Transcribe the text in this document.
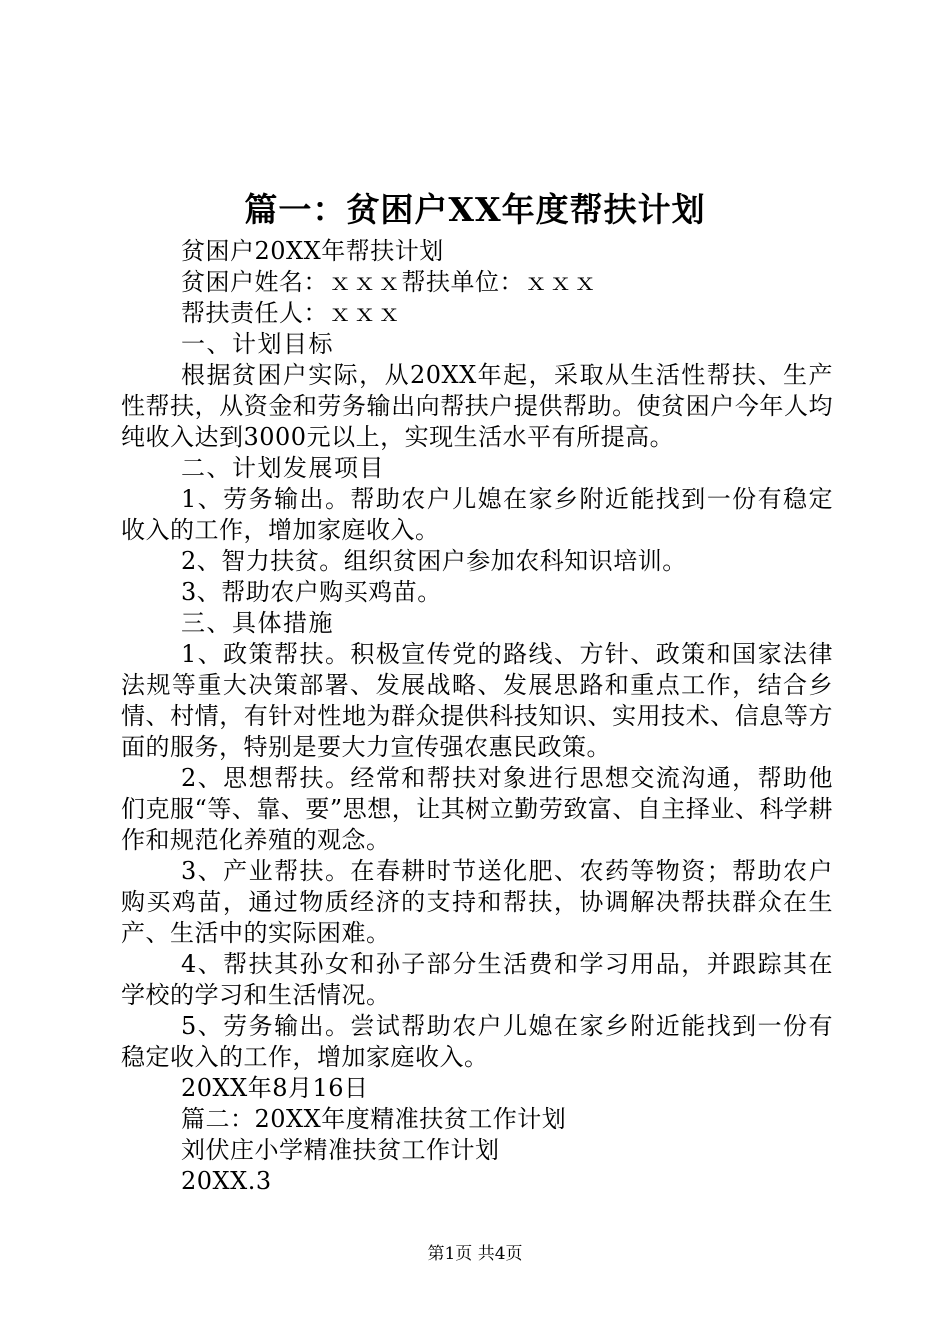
篇一：贫困户XX年度帮扶计划

贫困户20XX年帮扶计划

贫困户姓名：ｘｘｘ帮扶单位：ｘｘｘ

帮扶责任人：ｘｘｘ

一、计划目标

根据贫困户实际，从20XX年起，采取从生活性帮扶、生产性帮扶，从资金和劳务输出向帮扶户提供帮助。使贫困户今年人均纯收入达到3000元以上，实现生活水平有所提高。

二、计划发展项目

1、劳务输出。帮助农户儿媳在家乡附近能找到一份有稳定收入的工作，增加家庭收入。

2、智力扶贫。组织贫困户参加农科知识培训。

3、帮助农户购买鸡苗。

三、具体措施

1、政策帮扶。积极宣传党的路线、方针、政策和国家法律法规等重大决策部署、发展战略、发展思路和重点工作，结合乡情、村情，有针对性地为群众提供科技知识、实用技术、信息等方面的服务，特别是要大力宣传强农惠民政策。

2、思想帮扶。经常和帮扶对象进行思想交流沟通，帮助他们克服“等、靠、要”思想，让其树立勤劳致富、自主择业、科学耕作和规范化养殖的观念。

3、产业帮扶。在春耕时节送化肥、农药等物资；帮助农户购买鸡苗，通过物质经济的支持和帮扶，协调解决帮扶群众在生产、生活中的实际困难。

4、帮扶其孙女和孙子部分生活费和学习用品，并跟踪其在学校的学习和生活情况。

5、劳务输出。尝试帮助农户儿媳在家乡附近能找到一份有稳定收入的工作，增加家庭收入。

20XX年8月16日

篇二：20XX年度精准扶贫工作计划

刘伏庄小学精准扶贫工作计划

20XX.3

第1页 共4页
